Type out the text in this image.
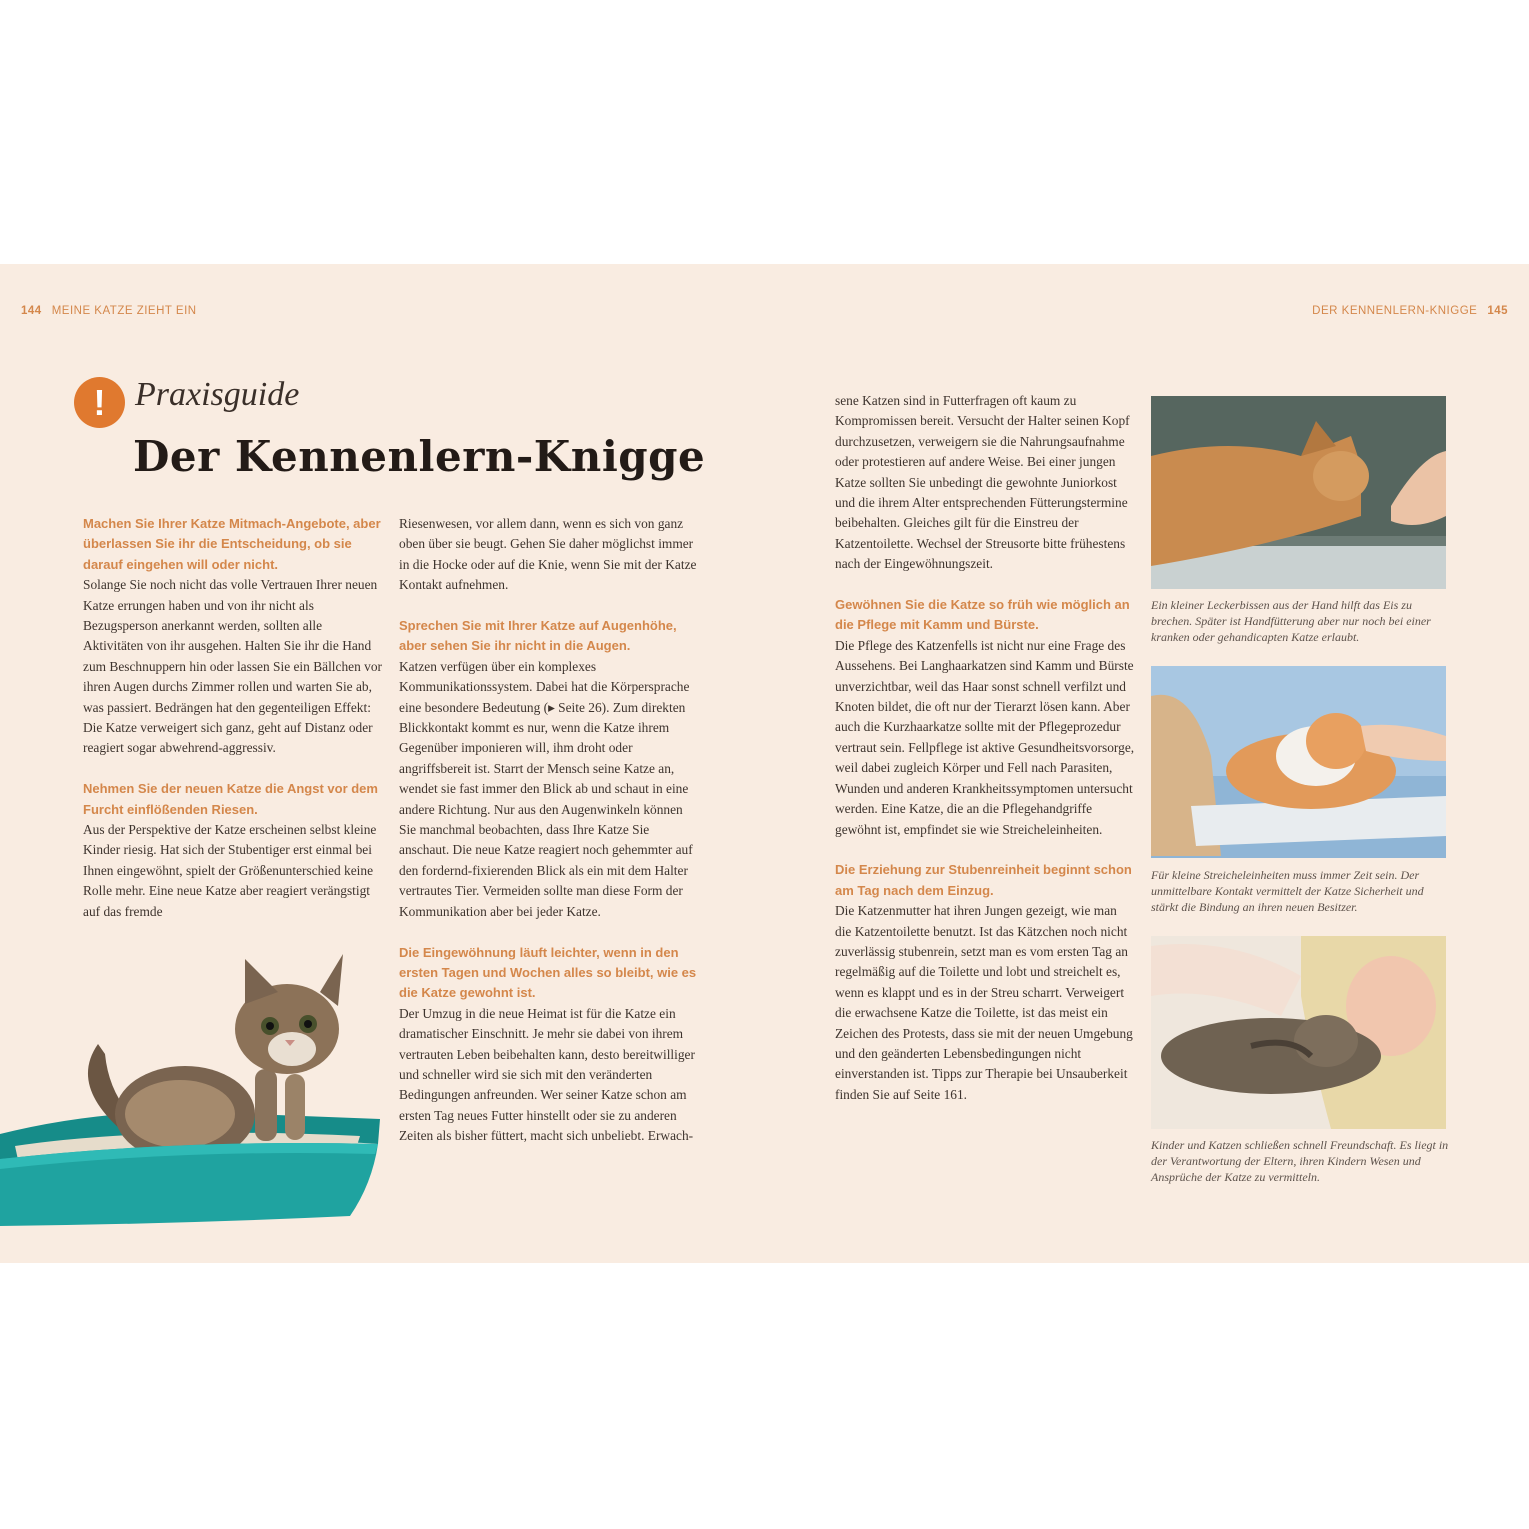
144 MEINE KATZE ZIEHT EIN	DER KENNENLERN-KNIGGE 145
! Praxisguide
Der Kennenlern-Knigge
Machen Sie Ihrer Katze Mitmach-Angebote, aber überlassen Sie ihr die Entscheidung, ob sie darauf eingehen will oder nicht.

Solange Sie noch nicht das volle Vertrauen Ihrer neuen Katze errungen haben und von ihr nicht als Bezugsperson anerkannt werden, sollten alle Aktivitäten von ihr ausgehen. Halten Sie ihr die Hand zum Beschnuppern hin oder lassen Sie ein Bällchen vor ihren Augen durchs Zimmer rollen und warten Sie ab, was passiert. Bedrängen hat den gegenteiligen Effekt: Die Katze verweigert sich ganz, geht auf Distanz oder reagiert sogar abwehrend-aggressiv.

Nehmen Sie der neuen Katze die Angst vor dem Furcht einflößenden Riesen.

Aus der Perspektive der Katze erscheinen selbst kleine Kinder riesig. Hat sich der Stubentiger erst einmal bei Ihnen eingewöhnt, spielt der Größenunterschied keine Rolle mehr. Eine neue Katze aber reagiert verängstigt auf das fremde

Riesenwesen, vor allem dann, wenn es sich von ganz oben über sie beugt. Gehen Sie daher möglichst immer in die Hocke oder auf die Knie, wenn Sie mit der Katze Kontakt aufnehmen.

Sprechen Sie mit Ihrer Katze auf Augenhöhe, aber sehen Sie ihr nicht in die Augen.

Katzen verfügen über ein komplexes Kommunikationssystem. Dabei hat die Körpersprache eine besondere Bedeutung (▸ Seite 26). Zum direkten Blickkontakt kommt es nur, wenn die Katze ihrem Gegenüber imponieren will, ihm droht oder angriffsbereit ist. Starrt der Mensch seine Katze an, wendet sie fast immer den Blick ab und schaut in eine andere Richtung. Nur aus den Augenwinkeln können Sie manchmal beobachten, dass Ihre Katze Sie anschaut. Die neue Katze reagiert noch gehemmter auf den fordernd-fixierenden Blick als ein mit dem Halter vertrautes Tier. Vermeiden sollte man diese Form der Kommunikation aber bei jeder Katze.

Die Eingewöhnung läuft leichter, wenn in den ersten Tagen und Wochen alles so bleibt, wie es die Katze gewohnt ist.

Der Umzug in die neue Heimat ist für die Katze ein dramatischer Einschnitt. Je mehr sie dabei von ihrem vertrauten Leben beibehalten kann, desto bereitwilliger und schneller wird sie sich mit den veränderten Bedingungen anfreunden. Wer seiner Katze schon am ersten Tag neues Futter hinstellt oder sie zu anderen Zeiten als bisher füttert, macht sich unbeliebt. Erwach-

sene Katzen sind in Futterfragen oft kaum zu Kompromissen bereit. Versucht der Halter seinen Kopf durchzusetzen, verweigern sie die Nahrungsaufnahme oder protestieren auf andere Weise. Bei einer jungen Katze sollten Sie unbedingt die gewohnte Juniorkost und die ihrem Alter entsprechenden Fütterungstermine beibehalten. Gleiches gilt für die Einstreu der Katzentoilette. Wechsel der Streusorte bitte frühestens nach der Eingewöhnungszeit.

Gewöhnen Sie die Katze so früh wie möglich an die Pflege mit Kamm und Bürste.

Die Pflege des Katzenfells ist nicht nur eine Frage des Aussehens. Bei Langhaarkatzen sind Kamm und Bürste unverzichtbar, weil das Haar sonst schnell verfilzt und Knoten bildet, die oft nur der Tierarzt lösen kann. Aber auch die Kurzhaarkatze sollte mit der Pflegeprozedur vertraut sein. Fellpflege ist aktive Gesundheitsvorsorge, weil dabei zugleich Körper und Fell nach Parasiten, Wunden und anderen Krankheitssymptomen untersucht werden. Eine Katze, die an die Pflegehandgriffe gewöhnt ist, empfindet sie wie Streicheleinheiten.

Die Erziehung zur Stubenreinheit beginnt schon am Tag nach dem Einzug.

Die Katzenmutter hat ihren Jungen gezeigt, wie man die Katzentoilette benutzt. Ist das Kätzchen noch nicht zuverlässig stubenrein, setzt man es vom ersten Tag an regelmäßig auf die Toilette und lobt und streichelt es, wenn es klappt und es in der Streu scharrt. Verweigert die erwachsene Katze die Toilette, ist das meist ein Zeichen des Protests, dass sie mit der neuen Umgebung und den geänderten Lebensbedingungen nicht einverstanden ist. Tipps zur Therapie bei Unsauberkeit finden Sie auf Seite 161.

Ein kleiner Leckerbissen aus der Hand hilft das Eis zu brechen. Später ist Handfütterung aber nur noch bei einer kranken oder gehandicapten Katze erlaubt.
Für kleine Streicheleinheiten muss immer Zeit sein. Der unmittelbare Kontakt vermittelt der Katze Sicherheit und stärkt die Bindung an ihren neuen Besitzer.
Kinder und Katzen schließen schnell Freundschaft. Es liegt in der Verantwortung der Eltern, ihren Kindern Wesen und Ansprüche der Katze zu vermitteln.
